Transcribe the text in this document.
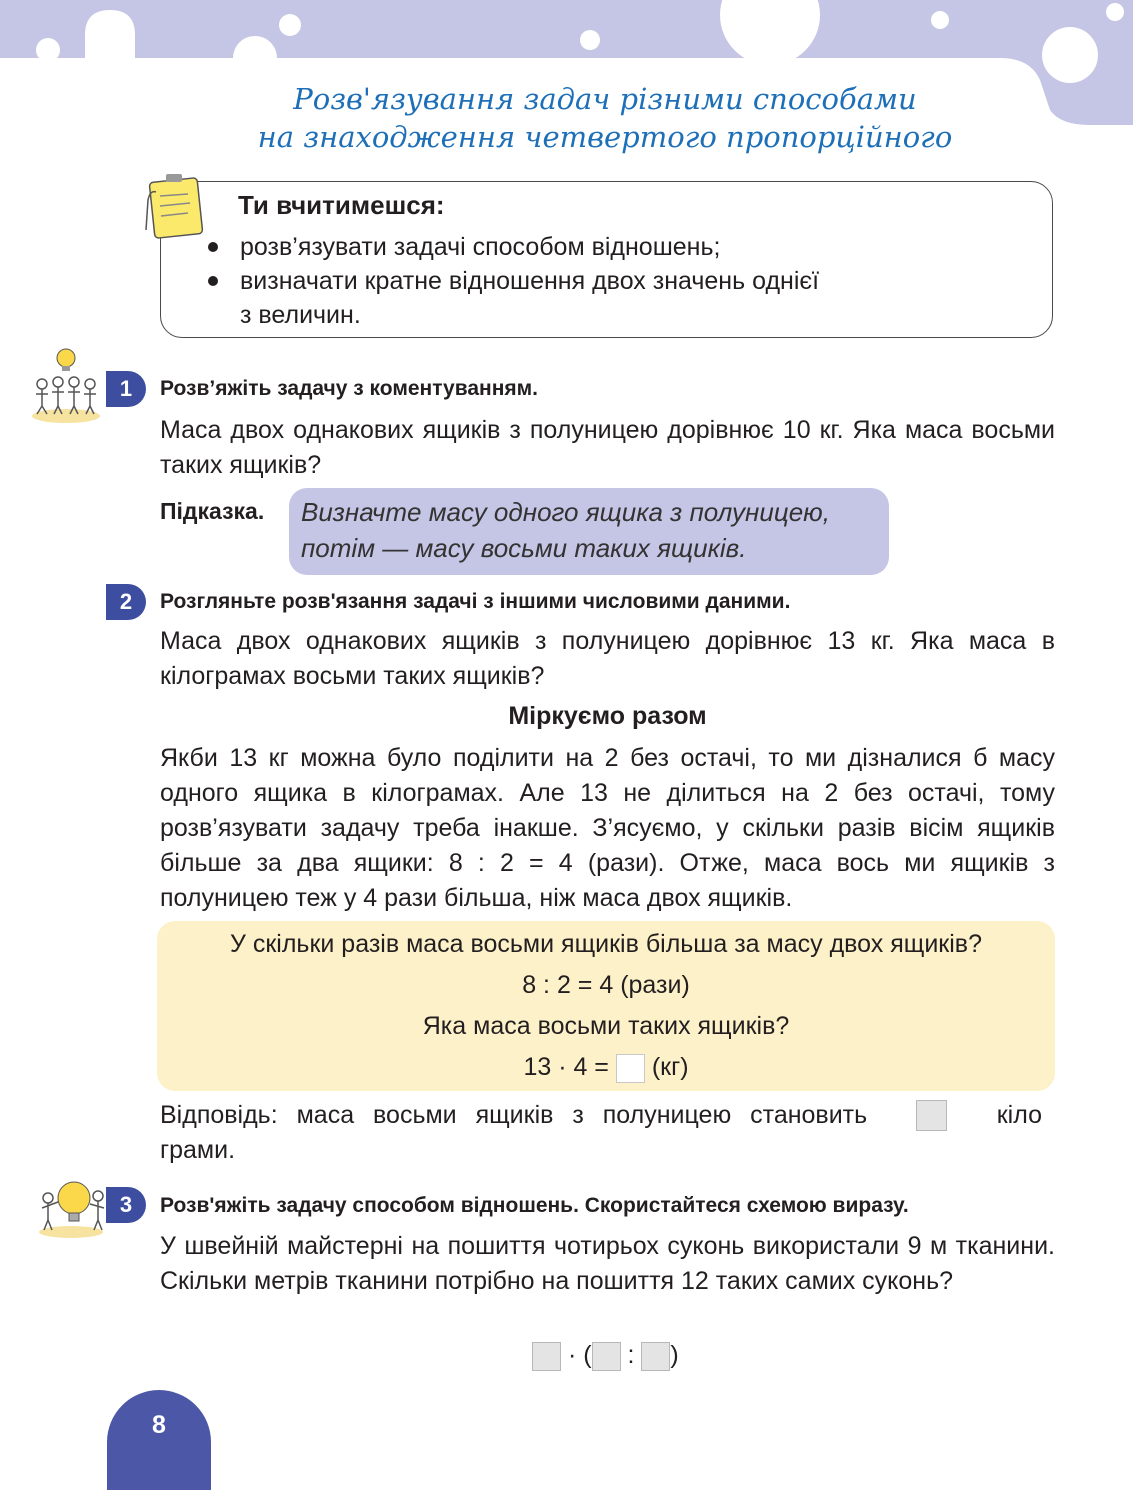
Розв'язування задач різними способами
на знаходження четвертого пропорційного
Ти вчитимешся:
розв’язувати задачі способом відношень;
визначати кратне відношення двох значень однієї
з величин.
1	Розв’яжіть задачу з коментуванням.
Маса двох однакових ящиків з полуницею дорівнює 10 кг. Яка маса восьми таких ящиків?
Підказка. Визначте масу одного ящика з полуницею,
потім — масу восьми таких ящиків.
2	Розгляньте розв'язання задачі з іншими числовими даними.
Маса двох однакових ящиків з полуницею дорівнює 13 кг. Яка маса в кілограмах восьми таких ящиків?
Міркуємо разом
Якби 13 кг можна було поділити на 2 без остачі, то ми дізналися б масу одного ящика в кілограмах. Але 13 не ділиться на 2 без остачі, тому розв’язувати задачу треба інакше. З’ясуємо, у скільки разів вісім ящиків більше за два ящики: 8 : 2 = 4 (рази). Отже, маса вось ми ящиків з полуницею теж у 4 рази більша, ніж маса двох ящиків.
У скільки разів маса восьми ящиків більша за масу двох ящиків?
8 : 2 = 4 (рази)
Яка маса восьми таких ящиків?
13 · 4 = (кг)
Відповідь: маса восьми ящиків з полуницею становить	кіло
грами.
3	Розв'яжіть задачу способом відношень. Скористайтеся схемою виразу.
У швейній майстерні на пошиття чотирьох суконь використали 9 м тканини. Скільки метрів тканини потрібно на пошиття 12 таких самих суконь?
· ( : )
8
